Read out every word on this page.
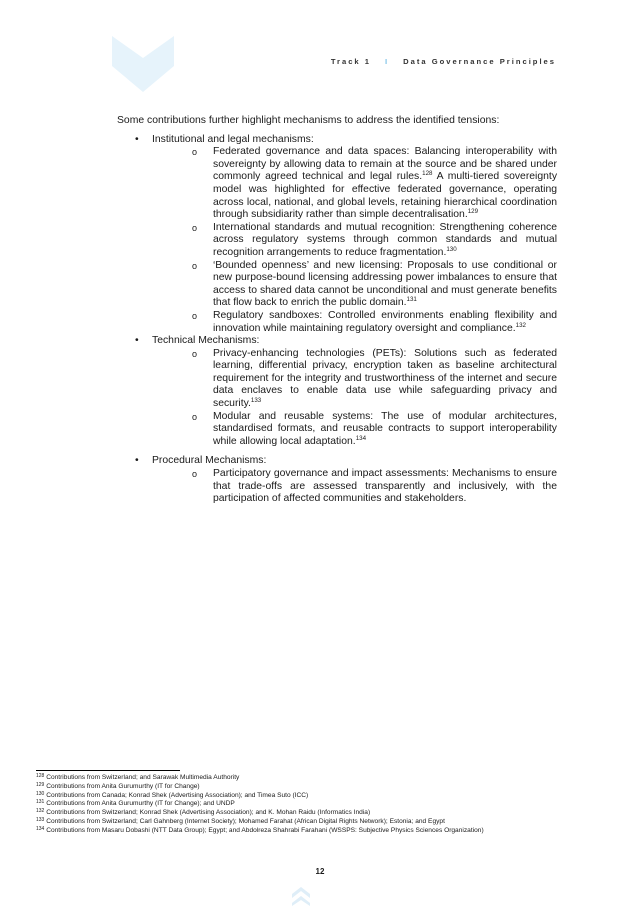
Track 1 I Data Governance Principles

Some contributions further highlight mechanisms to address the identified tensions:

• Institutional and legal mechanisms:
o Federated governance and data spaces: Balancing interoperability with sovereignty by allowing data to remain at the source and be shared under commonly agreed technical and legal rules.$^{128}$ A multi-tiered sovereignty model was highlighted for effective federated governance, operating across local, national, and global levels, retaining hierarchical coordination through subsidiarity rather than simple decentralisation.$^{129}$
o International standards and mutual recognition: Strengthening coherence across regulatory systems through common standards and mutual recognition arrangements to reduce fragmentation.$^{130}$
o ‘Bounded openness’ and new licensing: Proposals to use conditional or new purpose-bound licensing addressing power imbalances to ensure that access to shared data cannot be unconditional and must generate benefits that flow back to enrich the public domain.$^{131}$
o Regulatory sandboxes: Controlled environments enabling flexibility and innovation while maintaining regulatory oversight and compliance.$^{132}$
• Technical Mechanisms:
o Privacy-enhancing technologies (PETs): Solutions such as federated learning, differential privacy, encryption taken as baseline architectural requirement for the integrity and trustworthiness of the internet and secure data enclaves to enable data use while safeguarding privacy and security.$^{133}$
o Modular and reusable systems: The use of modular architectures, standardised formats, and reusable contracts to support interoperability while allowing local adaptation.$^{134}$
• Procedural Mechanisms:
o Participatory governance and impact assessments: Mechanisms to ensure that trade-offs are assessed transparently and inclusively, with the participation of affected communities and stakeholders.
$^{128}$ Contributions from Switzerland; and Sarawak Multimedia Authority
$^{129}$ Contributions from Anita Gurumurthy (IT for Change)
$^{130}$ Contributions from Canada; Konrad Shek (Advertising Association); and Timea Suto (ICC)
$^{131}$ Contributions from Anita Gurumurthy (IT for Change); and UNDP
$^{132}$ Contributions from Switzerland; Konrad Shek (Advertising Association); and K. Mohan Raidu (Informatics India)
$^{133}$ Contributions from Switzerland; Carl Gahnberg (Internet Society); Mohamed Farahat (African Digital Rights Network); Estonia; and Egypt
$^{134}$ Contributions from Masaru Dobashi (NTT Data Group); Egypt; and Abdolreza Shahrabi Farahani (WSSPS: Subjective Physics Sciences Organization)
12
